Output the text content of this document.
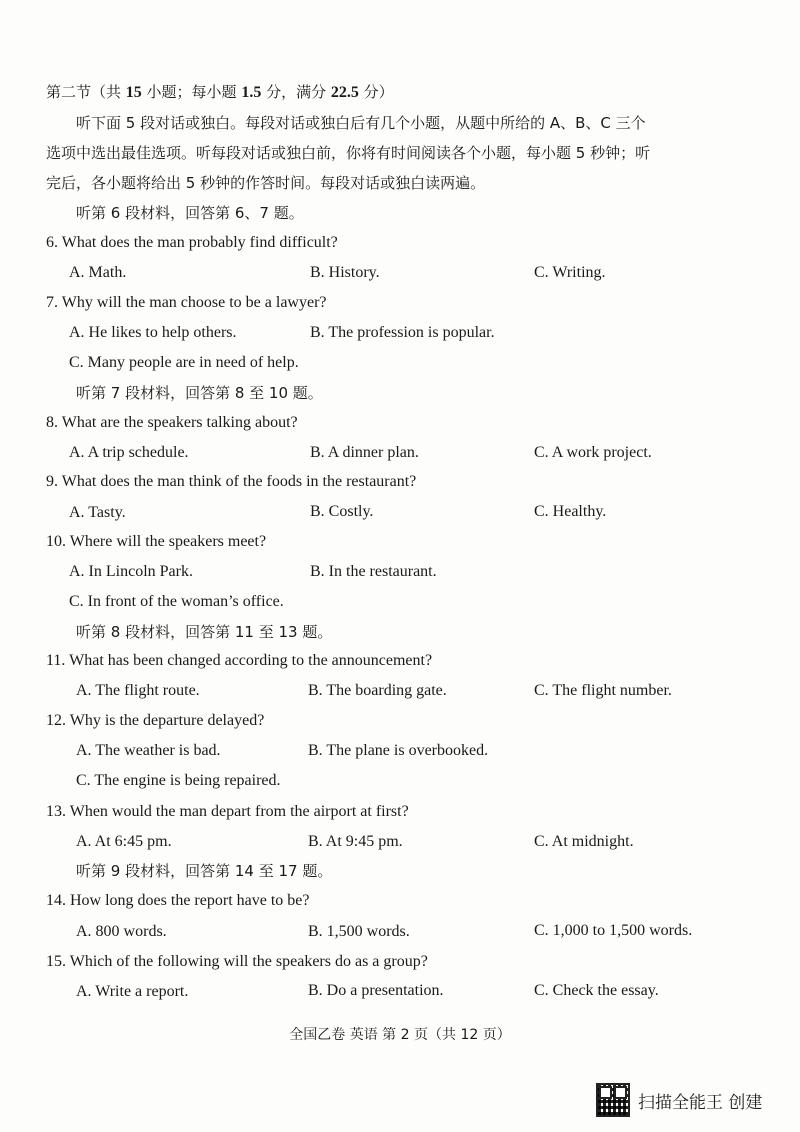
第二节（共 15 小题；每小题 1.5 分，满分 22.5 分）
听下面 5 段对话或独白。每段对话或独白后有几个小题，从题中所给的 A、B、C 三个
选项中选出最佳选项。听每段对话或独白前，你将有时间阅读各个小题，每小题 5 秒钟；听
完后，各小题将给出 5 秒钟的作答时间。每段对话或独白读两遍。
听第 6 段材料，回答第 6、7 题。
6. What does the man probably find difficult?
A. Math.	B. History.	C. Writing.
7. Why will the man choose to be a lawyer?
A. He likes to help others.	B. The profession is popular.
C. Many people are in need of help.
听第 7 段材料，回答第 8 至 10 题。
8. What are the speakers talking about?
A. A trip schedule.	B. A dinner plan.	C. A work project.
9. What does the man think of the foods in the restaurant?
A. Tasty.	B. Costly.	C. Healthy.
10. Where will the speakers meet?
A. In Lincoln Park.	B. In the restaurant.
C. In front of the woman’s office.
听第 8 段材料，回答第 11 至 13 题。
11. What has been changed according to the announcement?
A. The flight route.	B. The boarding gate.	C. The flight number.
12. Why is the departure delayed?
A. The weather is bad.	B. The plane is overbooked.
C. The engine is being repaired.
13. When would the man depart from the airport at first?
A. At 6:45 pm.	B. At 9:45 pm.	C. At midnight.
听第 9 段材料，回答第 14 至 17 题。
14. How long does the report have to be?
A. 800 words.	B. 1,500 words.	C. 1,000 to 1,500 words.
15. Which of the following will the speakers do as a group?
A. Write a report.	B. Do a presentation.	C. Check the essay.
全国乙卷 英语 第 2 页（共 12 页）
扫描全能王 创建
